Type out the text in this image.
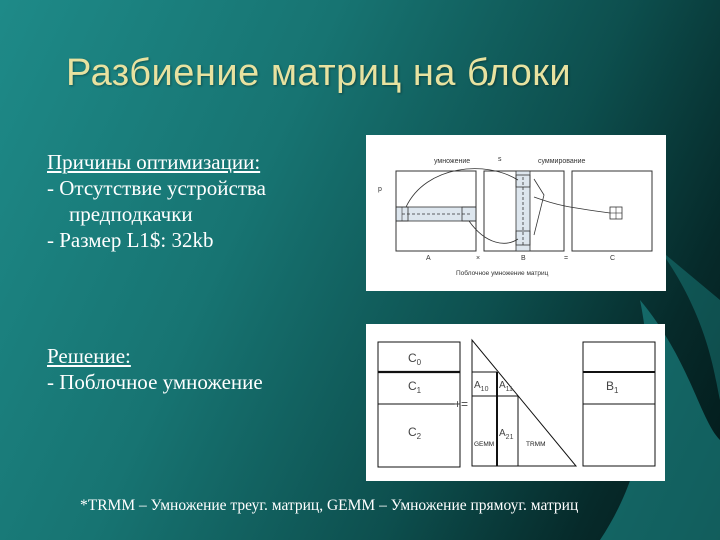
Разбиение матриц на блоки
Причины оптимизации:
- Отсутствие устройства
предподкачки
- Размер L1$: 32kb
Решение:
- Поблочное умножение
умножение	суммирование
s
p
A	×	B	=	C
Поблочное умножение матриц
$C_0$
$C_1$
$C_2$
+=
$A_{10}$ $A_{11}$
$A_{21}$
GEMM	TRMM
$B_1$
*TRMM – Умножение треуг. матриц, GEMM – Умножение прямоуг. матриц
